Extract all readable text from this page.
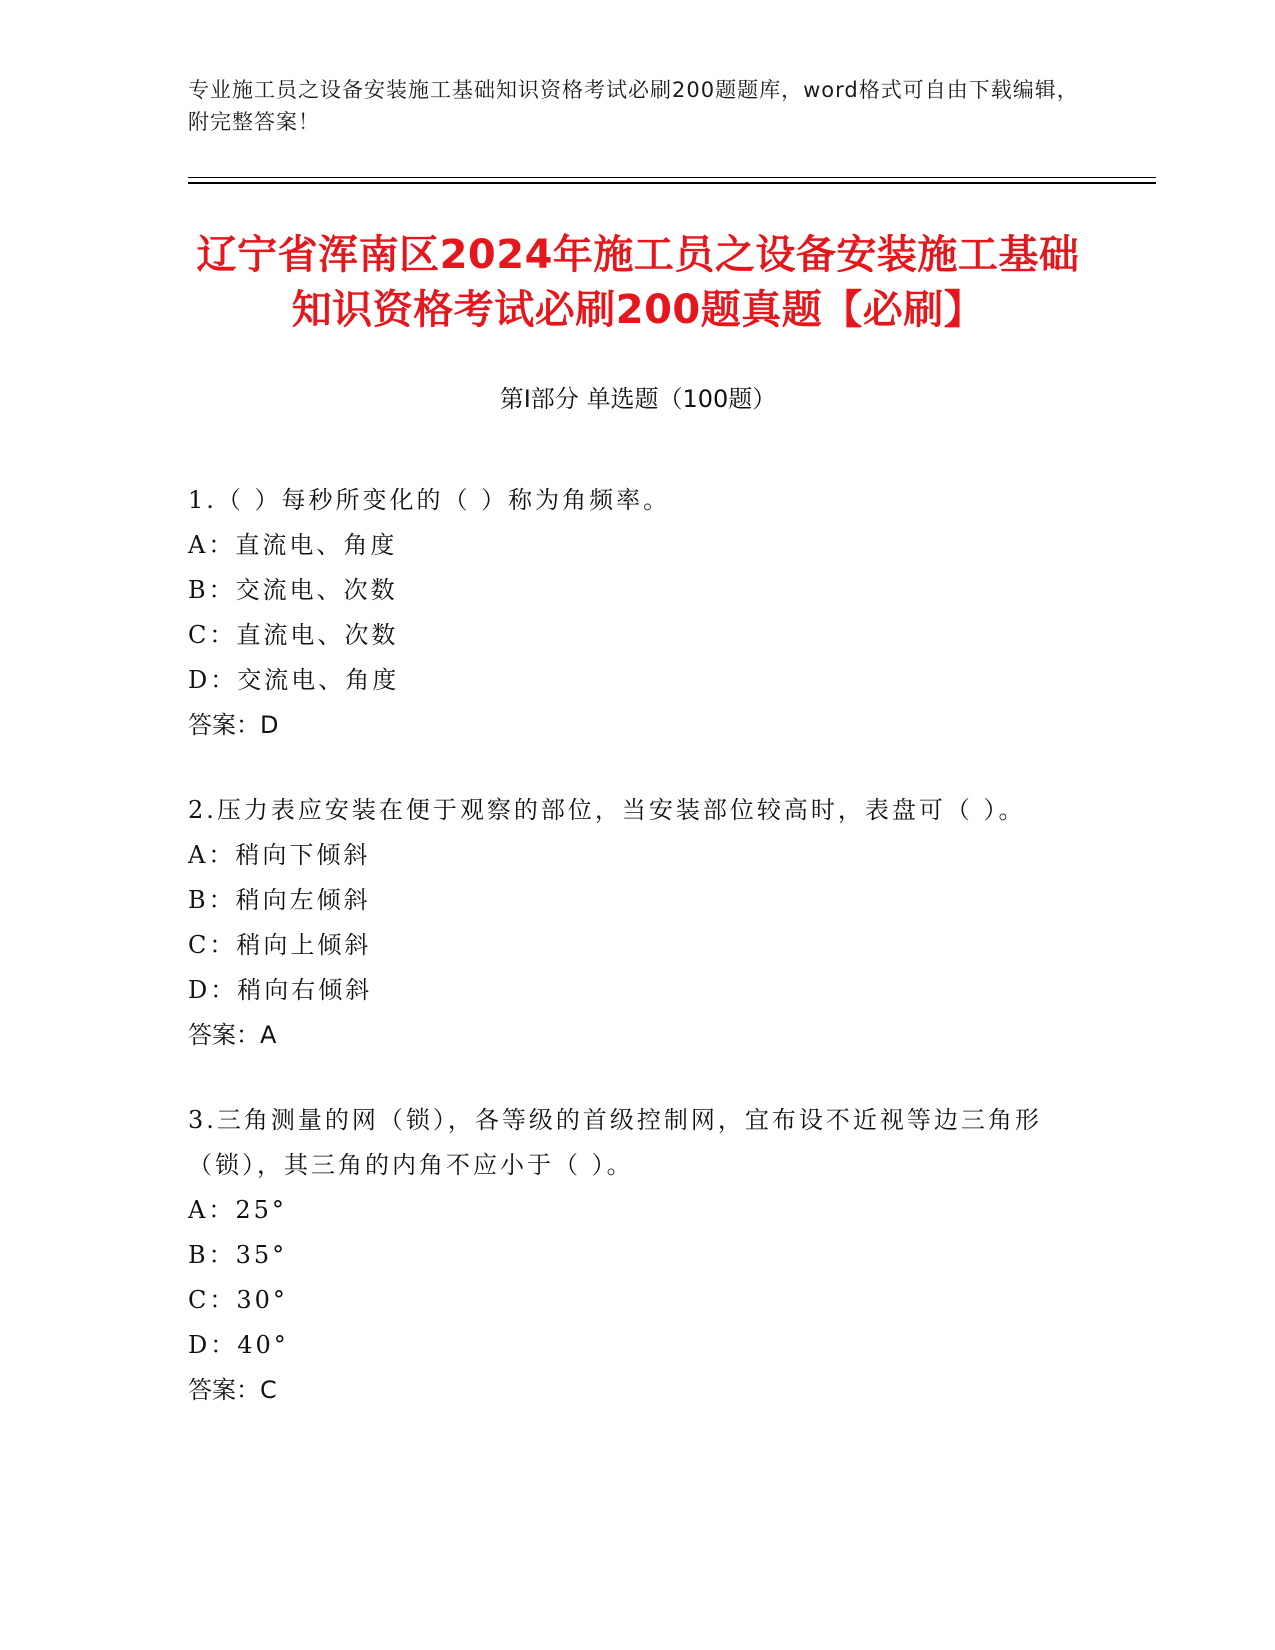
专业施工员之设备安装施工基础知识资格考试必刷200题题库，word格式可自由下载编辑，附完整答案！
辽宁省浑南区2024年施工员之设备安装施工基础知识资格考试必刷200题真题【必刷】
第Ⅰ部分 单选题（100题）

1.（ ）每秒所变化的（ ）称为角频率。

A：直流电、角度

B：交流电、次数

C：直流电、次数

D：交流电、角度

答案：D

2.压力表应安装在便于观察的部位，当安装部位较高时，表盘可（ ）。

A：稍向下倾斜

B：稍向左倾斜

C：稍向上倾斜

D：稍向右倾斜

答案：A

3.三角测量的网（锁），各等级的首级控制网，宜布设不近视等边三角形（锁），其三角的内角不应小于（ ）。

A：25°

B：35°

C：30°

D：40°

答案：C
